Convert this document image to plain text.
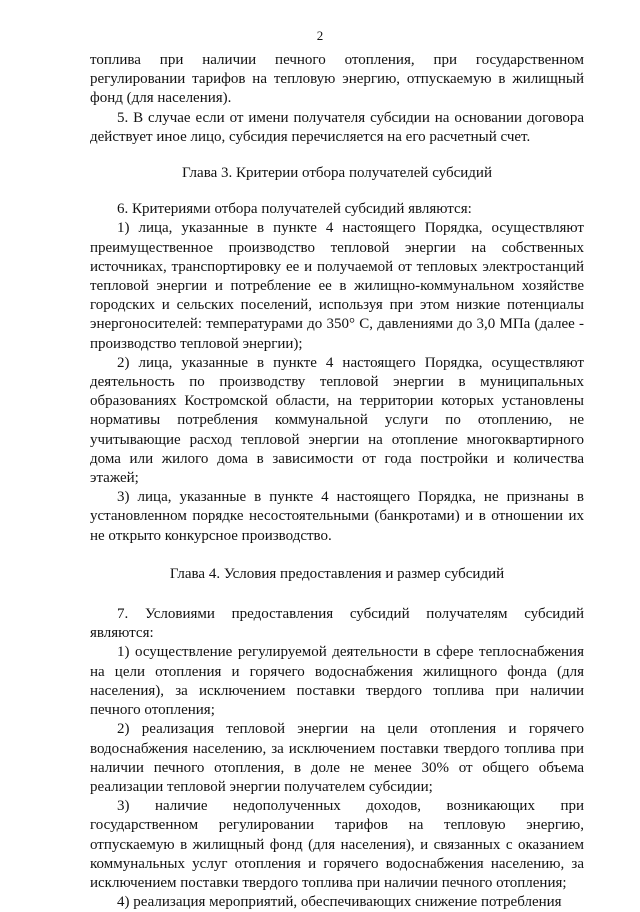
2

топлива при наличии печного отопления, при государственном регулировании тарифов на тепловую энергию, отпускаемую в жилищный фонд (для населения).

5. В случае если от имени получателя субсидии на основании договора действует иное лицо, субсидия перечисляется на его расчетный счет.

Глава 3. Критерии отбора получателей субсидий

6. Критериями отбора получателей субсидий являются:

1) лица, указанные в пункте 4 настоящего Порядка, осуществляют преимущественное производство тепловой энергии на собственных источниках, транспортировку ее и получаемой от тепловых электростанций тепловой энергии и потребление ее в жилищно-коммунальном хозяйстве городских и сельских поселений, используя при этом низкие потенциалы энергоносителей: температурами до 350° С, давлениями до 3,0 МПа (далее - производство тепловой энергии);

2) лица, указанные в пункте 4 настоящего Порядка, осуществляют деятельность по производству тепловой энергии в муниципальных образованиях Костромской области, на территории которых установлены нормативы потребления коммунальной услуги по отоплению, не учитывающие расход тепловой энергии на отопление многоквартирного дома или жилого дома в зависимости от года постройки и количества этажей;

3) лица, указанные в пункте 4 настоящего Порядка, не признаны в установленном порядке несостоятельными (банкротами) и в отношении их не открыто конкурсное производство.

Глава 4. Условия предоставления и размер субсидий

7. Условиями предоставления субсидий получателям субсидий являются:

1) осуществление регулируемой деятельности в сфере теплоснабжения на цели отопления и горячего водоснабжения жилищного фонда (для населения), за исключением поставки твердого топлива при наличии печного отопления;

2) реализация тепловой энергии на цели отопления и горячего водоснабжения населению, за исключением поставки твердого топлива при наличии печного отопления, в доле не менее 30% от общего объема реализации тепловой энергии получателем субсидии;

3) наличие недополученных доходов, возникающих при государственном регулировании тарифов на тепловую энергию, отпускаемую в жилищный фонд (для населения), и связанных с оказанием коммунальных услуг отопления и горячего водоснабжения населению, за исключением поставки твердого топлива при наличии печного отопления;

4) реализация мероприятий, обеспечивающих снижение потребления
